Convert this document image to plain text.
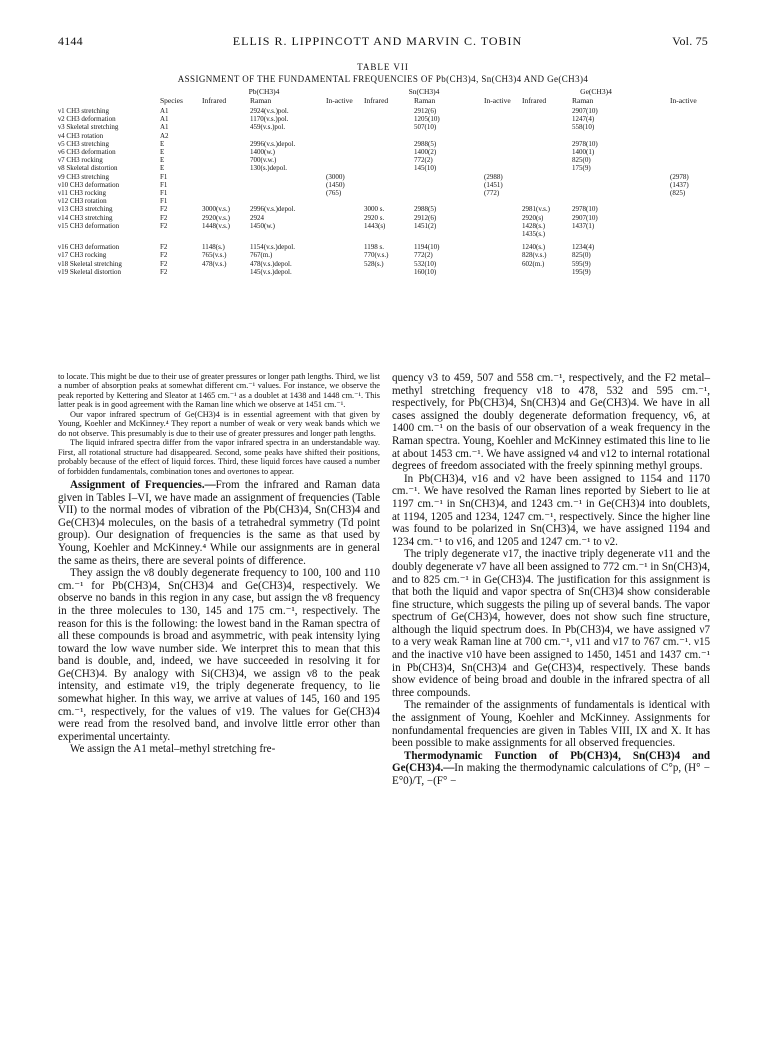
4144	ELLIS R. LIPPINCOTT AND MARVIN C. TOBIN	Vol. 75
TABLE VII
ASSIGNMENT OF THE FUNDAMENTAL FREQUENCIES OF Pb(CH3)4, Sn(CH3)4 AND Ge(CH3)4
		Pb(CH3)4			Sn(CH3)4			Ge(CH3)4		
	Species	Infrared	Raman	In-active	Infrared	Raman	In-active	Infrared	Raman	In-active
ν1 CH3 stretching	A1		2924(v.s.)pol.			2912(6)			2907(10)	
ν2 CH3 deformation	A1		1170(v.s.)pol.			1205(10)			1247(4)	
ν3 Skeletal stretching	A1		459(v.s.)pol.			507(10)			558(10)	
ν4 CH3 rotation	A2									
ν5 CH3 stretching	E		2996(v.s.)depol.			2988(5)			2978(10)	
ν6 CH3 deformation	E		1400(w.)			1400(2)			1400(1)	
ν7 CH3 rocking	E		700(v.w.)			772(2)			825(0)	
ν8 Skeletal distortion	E		130(s.)depol.			145(10)			175(9)	
ν9 CH3 stretching	F1			(3000)			(2988)			(2978)
ν10 CH3 deformation	F1			(1450)			(1451)			(1437)
ν11 CH3 rocking	F1			(765)			(772)			(825)
ν12 CH3 rotation	F1									
ν13 CH3 stretching	F2	3000(v.s.)	2996(v.s.)depol.		3000 s.	2988(5)		2981(v.s.)	2978(10)	
ν14 CH3 stretching	F2	2920(v.s.)	2924		2920 s.	2912(6)		2920(s)	2907(10)	
ν15 CH3 deformation	F2	1448(v.s.)	1450(w.)		1443(s)	1451(2)		1428(s.)	1437(1)	
								1435(s.)		
ν16 CH3 deformation	F2	1148(s.)	1154(v.s.)depol.		1198 s.	1194(10)		1240(s.)	1234(4)	
ν17 CH3 rocking	F2	765(v.s.)	767(m.)		770(v.s.)	772(2)		828(v.s.)	825(0)	
ν18 Skeletal stretching	F2	478(v.s.)	478(v.s.)depol.		528(s.)	532(10)		602(m.)	595(9)	
ν19 Skeletal distortion	F2		145(v.s.)depol.			160(10)			195(9)	

to locate. This might be due to their use of greater pressures or longer path lengths. Third, we list a number of absorption peaks at somewhat different cm.⁻¹ values. For instance, we observe the peak reported by Kettering and Sleator at 1465 cm.⁻¹ as a doublet at 1438 and 1448 cm.⁻¹. This latter peak is in good agreement with the Raman line which we observe at 1451 cm.⁻¹.

Our vapor infrared spectrum of Ge(CH3)4 is in essential agreement with that given by Young, Koehler and McKinney.⁴ They report a number of weak or very weak bands which we do not observe. This presumably is due to their use of greater pressures and longer path lengths.

The liquid infrared spectra differ from the vapor infrared spectra in an understandable way. First, all rotational structure had disappeared. Second, some peaks have shifted their positions, probably because of the effect of liquid forces. Third, these liquid forces have caused a number of forbidden fundamentals, combination tones and overtones to appear.

Assignment of Frequencies.—From the infrared and Raman data given in Tables I–VI, we have made an assignment of frequencies (Table VII) to the normal modes of vibration of the Pb(CH3)4, Sn(CH3)4 and Ge(CH3)4 molecules, on the basis of a tetrahedral symmetry (Td point group). Our designation of frequencies is the same as that used by Young, Koehler and McKinney.⁴ While our assignments are in general the same as theirs, there are several points of difference.

They assign the ν8 doubly degenerate frequency to 100, 100 and 110 cm.⁻¹ for Pb(CH3)4, Sn(CH3)4 and Ge(CH3)4, respectively. We observe no bands in this region in any case, but assign the ν8 frequency in the three molecules to 130, 145 and 175 cm.⁻¹, respectively. The reason for this is the following: the lowest band in the Raman spectra of all these compounds is broad and asymmetric, with peak intensity lying toward the low wave number side. We interpret this to mean that this band is double, and, indeed, we have succeeded in resolving it for Ge(CH3)4. By analogy with Si(CH3)4, we assign ν8 to the peak intensity, and estimate ν19, the triply degenerate frequency, to lie somewhat higher. In this way, we arrive at values of 145, 160 and 195 cm.⁻¹, respectively, for the values of ν19. The values for Ge(CH3)4 were read from the resolved band, and involve little error other than experimental uncertainty.

We assign the A1 metal–methyl stretching fre-

quency ν3 to 459, 507 and 558 cm.⁻¹, respectively, and the F2 metal–methyl stretching frequency ν18 to 478, 532 and 595 cm.⁻¹, respectively, for Pb(CH3)4, Sn(CH3)4 and Ge(CH3)4. We have in all cases assigned the doubly degenerate deformation frequency, ν6, at 1400 cm.⁻¹ on the basis of our observation of a weak frequency in the Raman spectra. Young, Koehler and McKinney estimated this line to lie at about 1453 cm.⁻¹. We have assigned ν4 and ν12 to internal rotational degrees of freedom associated with the freely spinning methyl groups.

In Pb(CH3)4, ν16 and ν2 have been assigned to 1154 and 1170 cm.⁻¹. We have resolved the Raman lines reported by Siebert to lie at 1197 cm.⁻¹ in Sn(CH3)4, and 1243 cm.⁻¹ in Ge(CH3)4 into doublets, at 1194, 1205 and 1234, 1247 cm.⁻¹, respectively. Since the higher line was found to be polarized in Sn(CH3)4, we have assigned 1194 and 1234 cm.⁻¹ to ν16, and 1205 and 1247 cm.⁻¹ to ν2.

The triply degenerate ν17, the inactive triply degenerate ν11 and the doubly degenerate ν7 have all been assigned to 772 cm.⁻¹ in Sn(CH3)4, and to 825 cm.⁻¹ in Ge(CH3)4. The justification for this assignment is that both the liquid and vapor spectra of Sn(CH3)4 show considerable fine structure, which suggests the piling up of several bands. The vapor spectrum of Ge(CH3)4, however, does not show such fine structure, although the liquid spectrum does. In Pb(CH3)4, we have assigned ν7 to a very weak Raman line at 700 cm.⁻¹, ν11 and ν17 to 767 cm.⁻¹. ν15 and the inactive ν10 have been assigned to 1450, 1451 and 1437 cm.⁻¹ in Pb(CH3)4, Sn(CH3)4 and Ge(CH3)4, respectively. These bands show evidence of being broad and double in the infrared spectra of all three compounds.

The remainder of the assignments of fundamentals is identical with the assignment of Young, Koehler and McKinney. Assignments for nonfundamental frequencies are given in Tables VIII, IX and X. It has been possible to make assignments for all observed frequencies.

Thermodynamic Function of Pb(CH3)4, Sn(CH3)4 and Ge(CH3)4.—In making the thermodynamic calculations of C°p, (H° − E°0)/T, −(F° −
